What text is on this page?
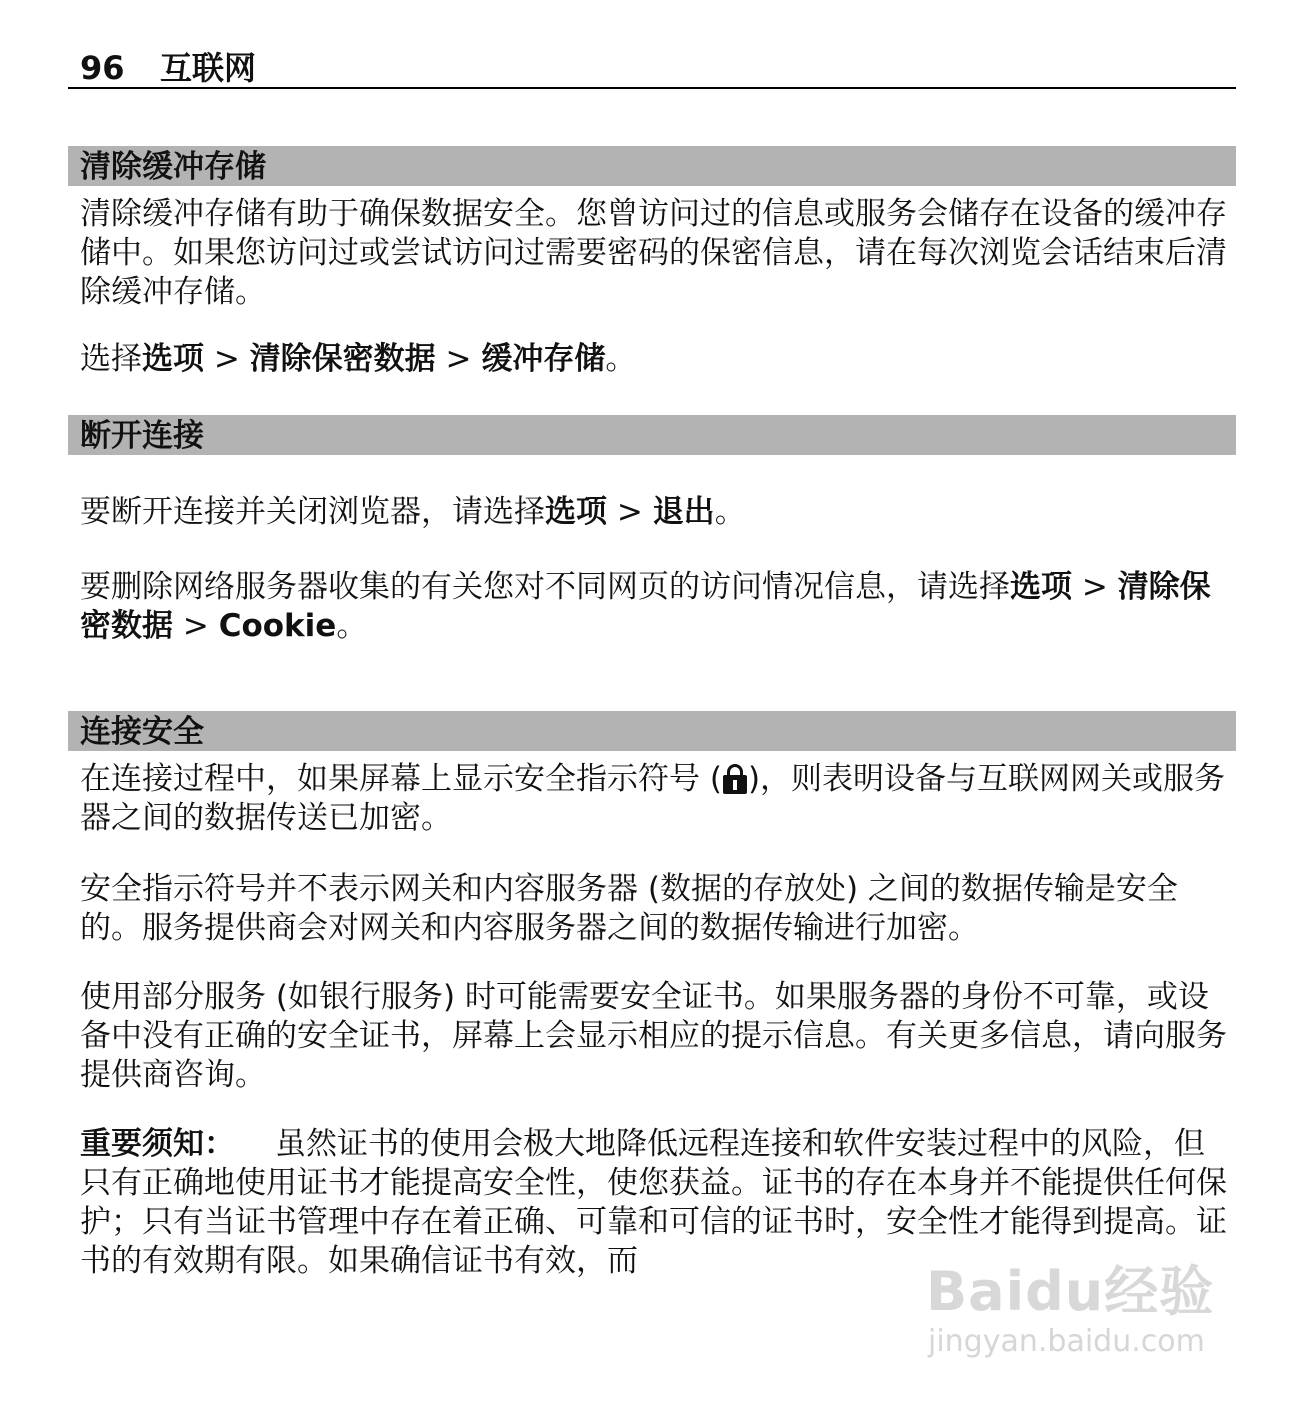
96 互联网
清除缓冲存储

清除缓冲存储有助于确保数据安全。您曾访问过的信息或服务会储存在设备的缓冲存储中。如果您访问过或尝试访问过需要密码的保密信息，请在每次浏览会话结束后清除缓冲存储。

选择选项 > 清除保密数据 > 缓冲存储。

断开连接

要断开连接并关闭浏览器，请选择选项 > 退出。

要删除网络服务器收集的有关您对不同网页的访问情况信息，请选择选项 > 清除保密数据 > Cookie。

连接安全

在连接过程中，如果屏幕上显示安全指示符号 ( )，则表明设备与互联网网关或服务器之间的数据传送已加密。

安全指示符号并不表示网关和内容服务器 (数据的存放处) 之间的数据传输是安全的。服务提供商会对网关和内容服务器之间的数据传输进行加密。

使用部分服务 (如银行服务) 时可能需要安全证书。如果服务器的身份不可靠，或设备中没有正确的安全证书，屏幕上会显示相应的提示信息。有关更多信息，请向服务提供商咨询。

重要须知： 虽然证书的使用会极大地降低远程连接和软件安装过程中的风险，但只有正确地使用证书才能提高安全性，使您获益。证书的存在本身并不能提供任何保护；只有当证书管理中存在着正确、可靠和可信的证书时，安全性才能得到提高。证书的有效期有限。如果确信证书有效，而	Baidu经验
jingyan.baidu.com
